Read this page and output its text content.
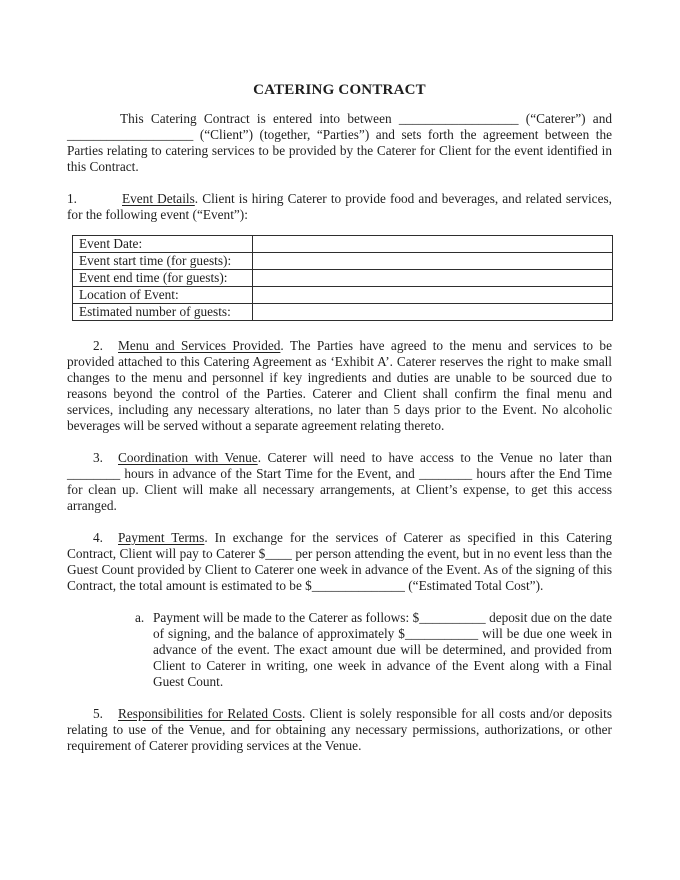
CATERING CONTRACT

This Catering Contract is entered into between __________________ (“Caterer”) and ___________________ (“Client”) (together, “Parties”) and sets forth the agreement between the Parties relating to catering services to be provided by the Caterer for Client for the event identified in this Contract.

1.	Event Details. Client is hiring Caterer to provide food and beverages, and related services, for the following event (“Event”):

Event Date:	
Event start time (for guests):	
Event end time (for guests):	
Location of Event:	
Estimated number of guests:	

2. Menu and Services Provided. The Parties have agreed to the menu and services to be provided attached to this Catering Agreement as ‘Exhibit A’. Caterer reserves the right to make small changes to the menu and personnel if key ingredients and duties are unable to be sourced due to reasons beyond the control of the Parties. Caterer and Client shall confirm the final menu and services, including any necessary alterations, no later than 5 days prior to the Event. No alcoholic beverages will be served without a separate agreement relating thereto.

3. Coordination with Venue. Caterer will need to have access to the Venue no later than ________ hours in advance of the Start Time for the Event, and ________ hours after the End Time for clean up. Client will make all necessary arrangements, at Client’s expense, to get this access arranged.

4. Payment Terms. In exchange for the services of Caterer as specified in this Catering Contract, Client will pay to Caterer $____ per person attending the event, but in no event less than the Guest Count provided by Client to Caterer one week in advance of the Event. As of the signing of this Contract, the total amount is estimated to be $______________ (“Estimated Total Cost”).

a. Payment will be made to the Caterer as follows: $__________ deposit due on the date of signing, and the balance of approximately $___________ will be due one week in advance of the event. The exact amount due will be determined, and provided from Client to Caterer in writing, one week in advance of the Event along with a Final Guest Count.

5. Responsibilities for Related Costs. Client is solely responsible for all costs and/or deposits relating to use of the Venue, and for obtaining any necessary permissions, authorizations, or other requirement of Caterer providing services at the Venue.
